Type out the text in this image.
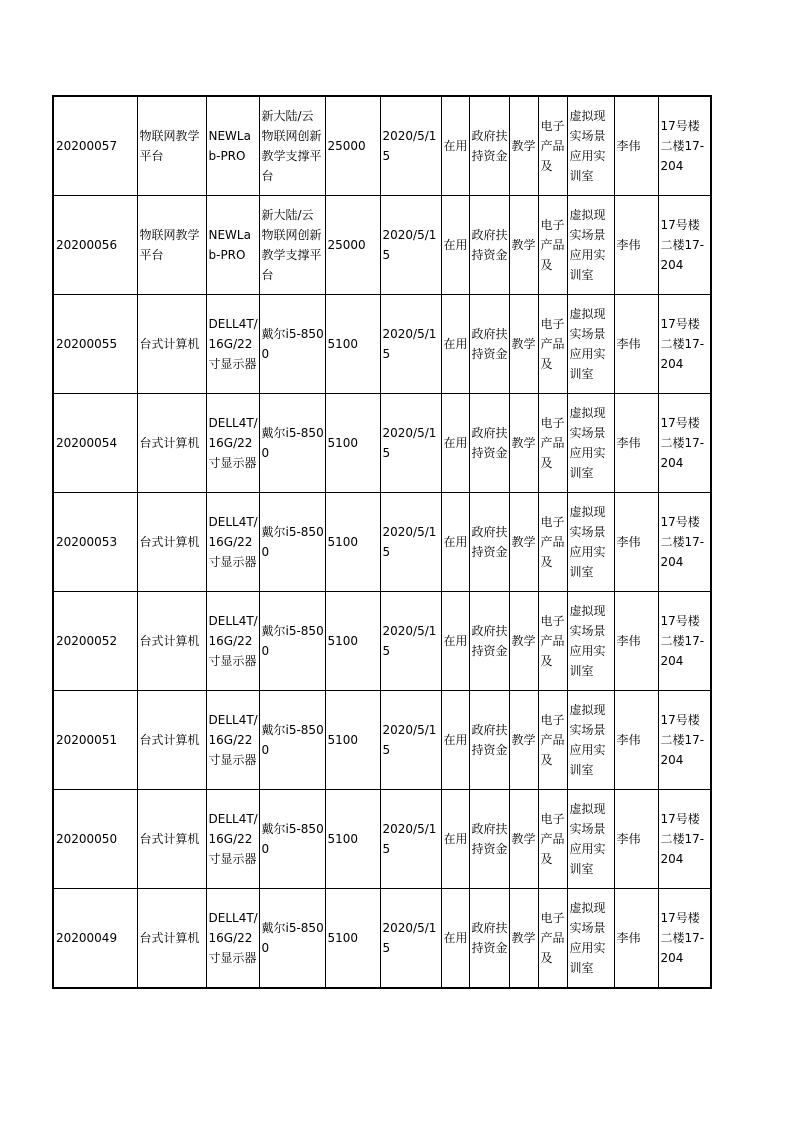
20200057	物联网教学平台	NEWLab-PRO	新大陆/云物联网创新教学支撑平台	25000	2020/5/15	在用	政府扶持资金	教学	电子产品及	虚拟现实场景应用实训室	李伟	17号楼二楼17-204
20200056	物联网教学平台	NEWLab-PRO	新大陆/云物联网创新教学支撑平台	25000	2020/5/15	在用	政府扶持资金	教学	电子产品及	虚拟现实场景应用实训室	李伟	17号楼二楼17-204
20200055	台式计算机	DELL4T/16G/22寸显示器	戴尔i5-8500	5100	2020/5/15	在用	政府扶持资金	教学	电子产品及	虚拟现实场景应用实训室	李伟	17号楼二楼17-204
20200054	台式计算机	DELL4T/16G/22寸显示器	戴尔i5-8500	5100	2020/5/15	在用	政府扶持资金	教学	电子产品及	虚拟现实场景应用实训室	李伟	17号楼二楼17-204
20200053	台式计算机	DELL4T/16G/22寸显示器	戴尔i5-8500	5100	2020/5/15	在用	政府扶持资金	教学	电子产品及	虚拟现实场景应用实训室	李伟	17号楼二楼17-204
20200052	台式计算机	DELL4T/16G/22寸显示器	戴尔i5-8500	5100	2020/5/15	在用	政府扶持资金	教学	电子产品及	虚拟现实场景应用实训室	李伟	17号楼二楼17-204
20200051	台式计算机	DELL4T/16G/22寸显示器	戴尔i5-8500	5100	2020/5/15	在用	政府扶持资金	教学	电子产品及	虚拟现实场景应用实训室	李伟	17号楼二楼17-204
20200050	台式计算机	DELL4T/16G/22寸显示器	戴尔i5-8500	5100	2020/5/15	在用	政府扶持资金	教学	电子产品及	虚拟现实场景应用实训室	李伟	17号楼二楼17-204
20200049	台式计算机	DELL4T/16G/22寸显示器	戴尔i5-8500	5100	2020/5/15	在用	政府扶持资金	教学	电子产品及	虚拟现实场景应用实训室	李伟	17号楼二楼17-204
